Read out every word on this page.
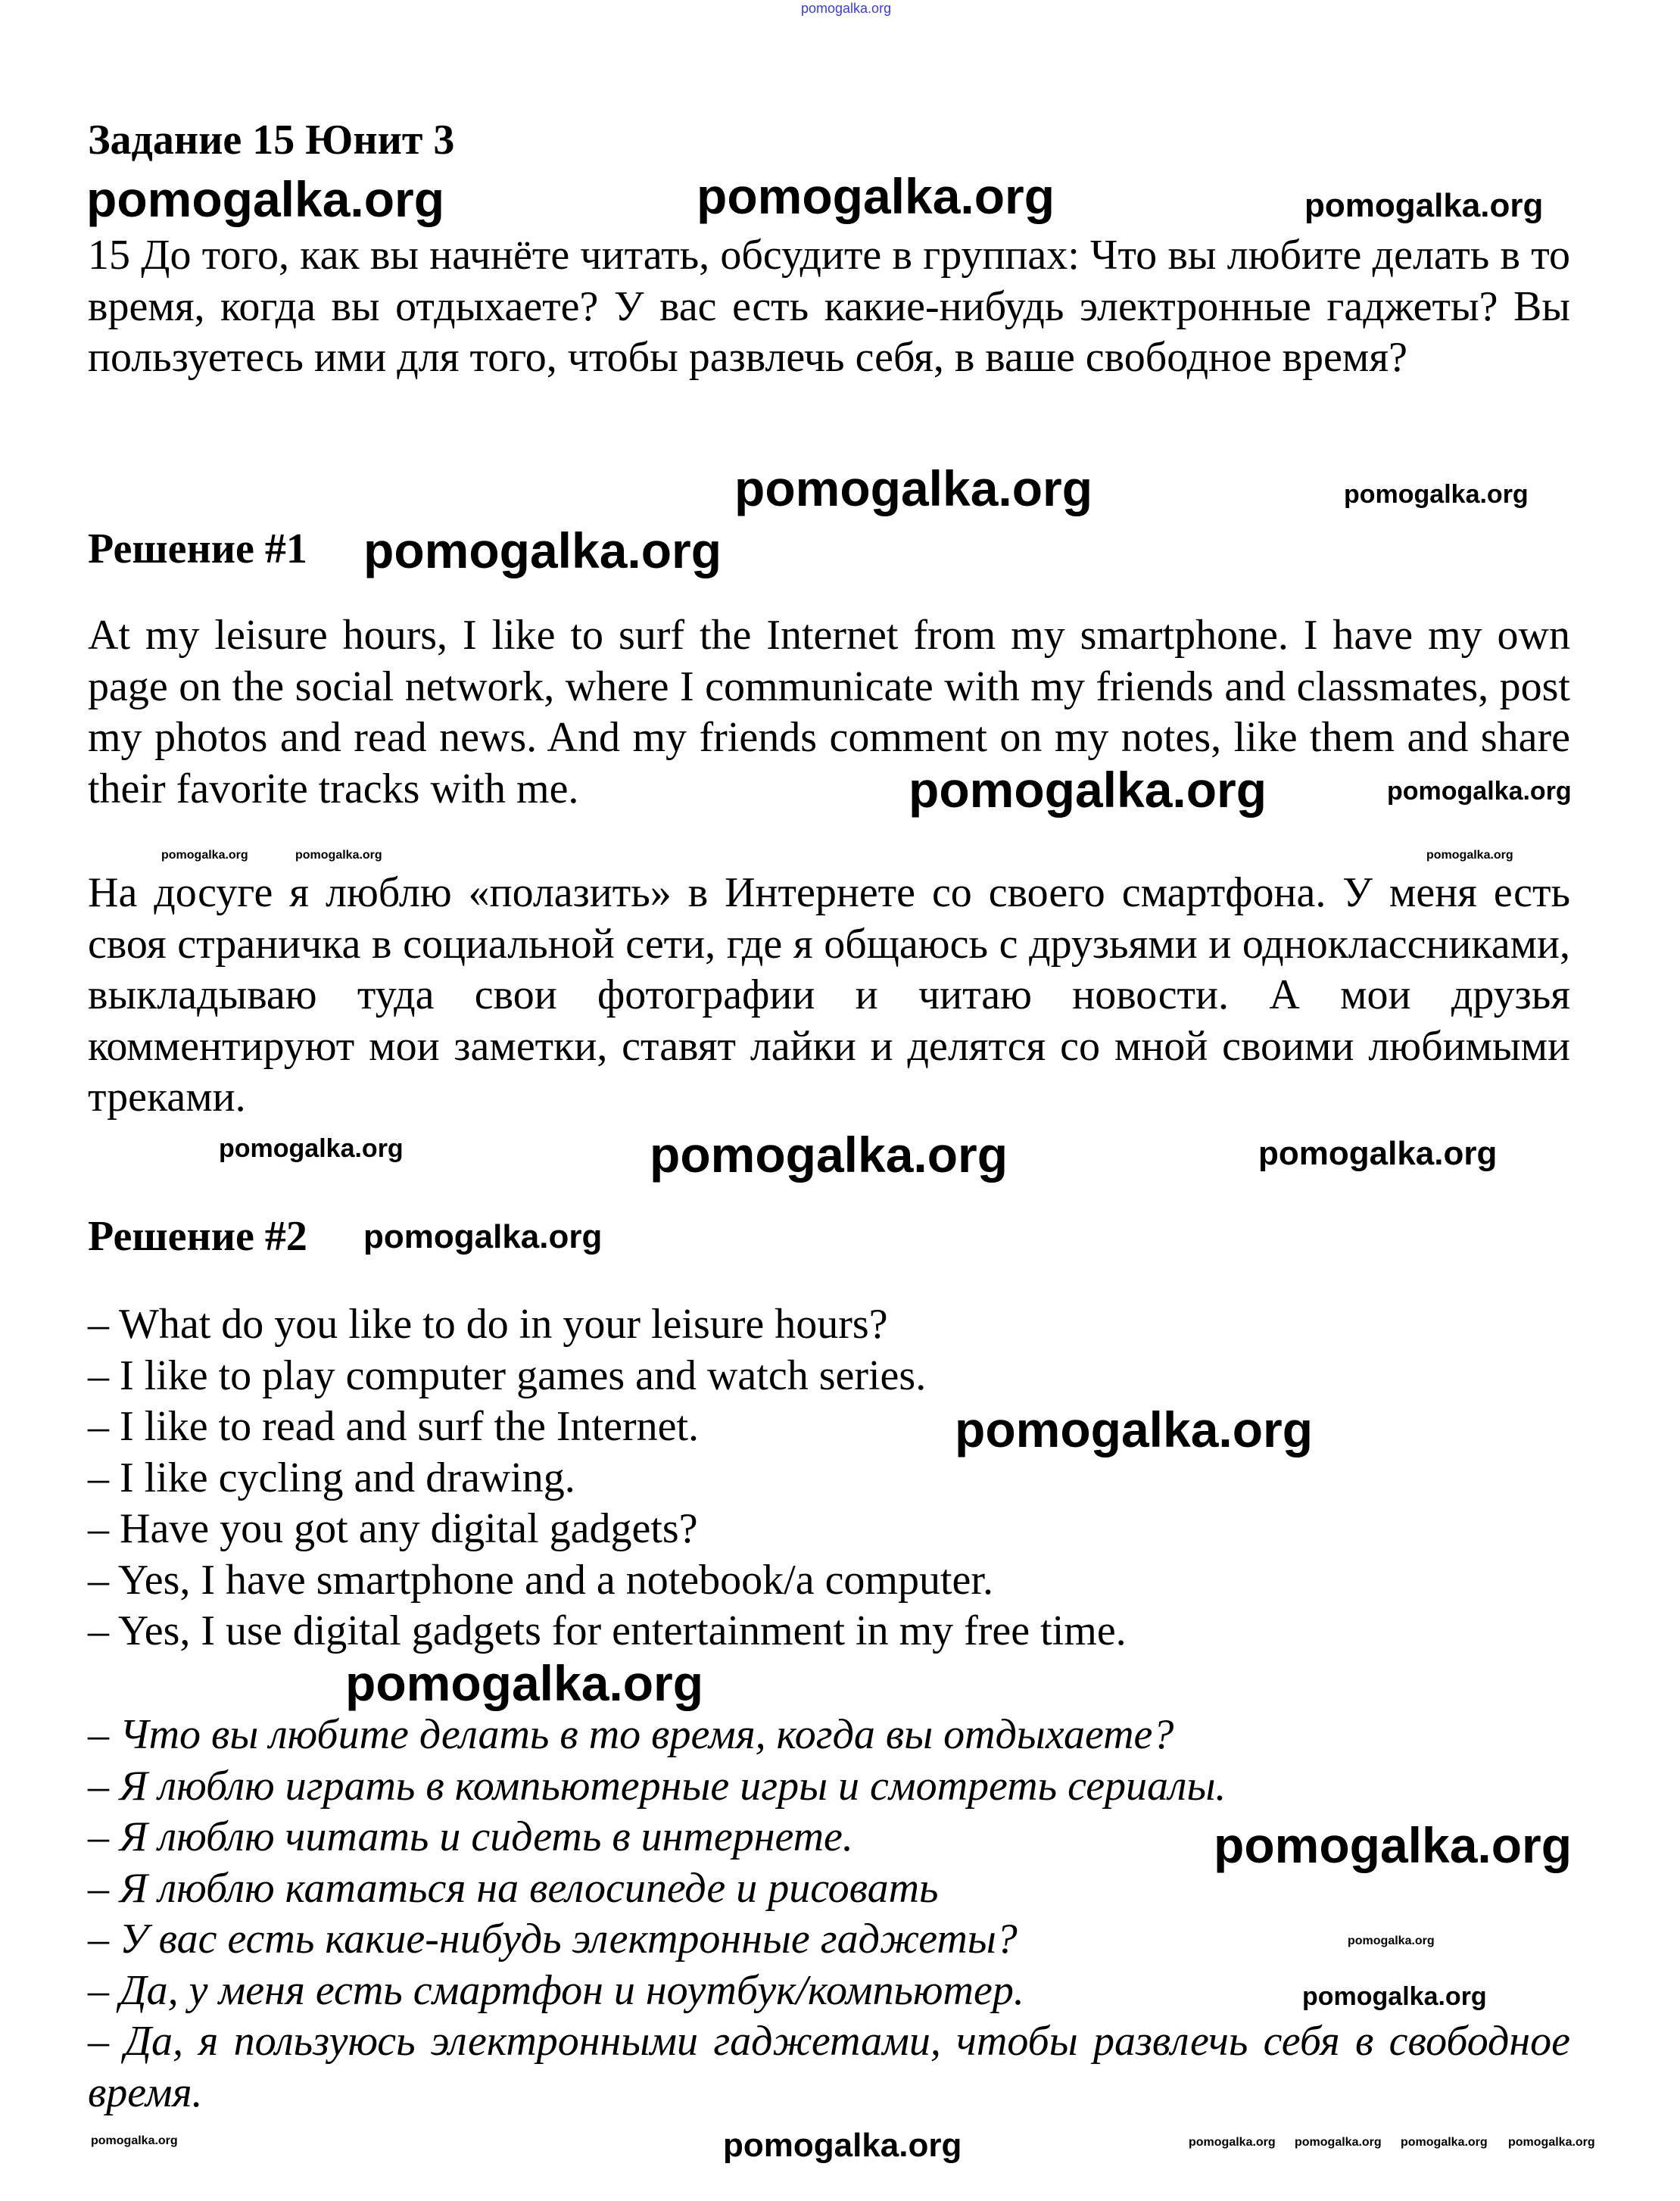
pomogalka.org
Задание 15 Юнит 3
pomogalka.org	pomogalka.org	pomogalka.org
15 До того, как вы начнёте читать, обсудите в группах: Что вы любите делать в то время, когда вы отдыхаете? У вас есть какие-нибудь электронные гаджеты? Вы пользуетесь ими для того, чтобы развлечь себя, в ваше свободное время?
pomogalka.org	pomogalka.org
Решение #1 pomogalka.org
At my leisure hours, I like to surf the Internet from my smartphone. I have my own page on the social network, where I communicate with my friends and classmates, post my photos and read news. And my friends comment on my notes, like them and share their favorite tracks with me.	pomogalka.org
pomogalka.org
pomogalka.org	pomogalka.org
На досуге я люблю «полазить» в Интернете со своего смартфона. У меня есть своя страничка в социальной сети, где я общаюсь с друзьями и одноклассниками, выкладываю туда свои фотографии и читаю новости. А мои друзья комментируют мои заметки, ставят лайки и делятся со мной своими любимыми треками.
pomogalka.org
pomogalka.org	pomogalka.org	pomogalka.org
Решение #2 pomogalka.org
– What do you like to do in your leisure hours?
– I like to play computer games and watch series.
– I like to read and surf the Internet.
– I like cycling and drawing.
– Have you got any digital gadgets?
– Yes, I have smartphone and a notebook/a computer.
– Yes, I use digital gadgets for entertainment in my free time.
pomogalka.org
pomogalka.org
– Что вы любите делать в то время, когда вы отдыхаете?
– Я люблю играть в компьютерные игры и смотреть сериалы.
– Я люблю читать и сидеть в интернете.
– Я люблю кататься на велосипеде и рисовать
– У вас есть какие-нибудь электронные гаджеты?
– Да, у меня есть смартфон и ноутбук/компьютер.
– Да, я пользуюсь электронными гаджетами, чтобы развлечь себя в свободное время.
pomogalka.org
pomogalka.org
pomogalka.org
pomogalka.org	pomogalka.org	pomogalka.org pomogalka.org pomogalka.org pomogalka.org
